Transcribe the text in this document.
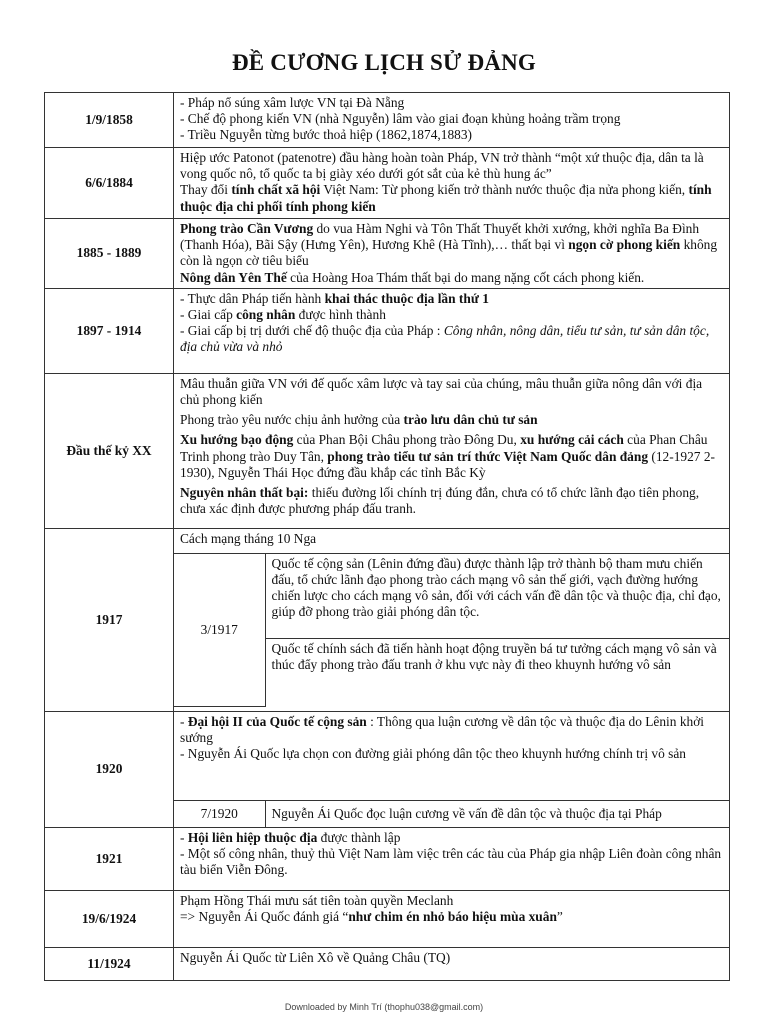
ĐỀ CƯƠNG LỊCH SỬ ĐẢNG
1/9/1858	
- Pháp nổ súng xâm lược VN tại Đà Nẵng
- Chế độ phong kiến VN (nhà Nguyễn) lâm vào giai đoạn khủng hoảng trầm trọng
- Triều Nguyễn từng bước thoả hiệp (1862,1874,1883)

6/6/1884	
Hiệp ước Patonot (patenotre) đầu hàng hoàn toàn Pháp, VN trở thành “một xứ thuộc địa, dân ta là vong quốc nô, tổ quốc ta bị giày xéo dưới gót sắt của kẻ thù hung ác”
Thay đổi tính chất xã hội Việt Nam: Từ phong kiến trở thành nước thuộc địa nửa phong kiến, tính thuộc địa chi phối tính phong kiến

1885 - 1889	
Phong trào Cần Vương do vua Hàm Nghi và Tôn Thất Thuyết khởi xướng, khởi nghĩa Ba Đình (Thanh Hóa), Bãi Sậy (Hưng Yên), Hương Khê (Hà Tĩnh),… thất bại vì ngọn cờ phong kiến không còn là ngọn cờ tiêu biểu
Nông dân Yên Thế của Hoàng Hoa Thám thất bại do mang nặng cốt cách phong kiến.

1897 - 1914	
- Thực dân Pháp tiến hành khai thác thuộc địa lần thứ 1
- Giai cấp công nhân được hình thành
- Giai cấp bị trị dưới chế độ thuộc địa của Pháp : Công nhân, nông dân, tiểu tư sản, tư sản dân tộc, địa chủ vừa và nhỏ

Đầu thế kỷ XX	
Mâu thuẫn giữa VN với đế quốc xâm lược và tay sai của chúng, mâu thuẫn giữa nông dân với địa chủ phong kiến
Phong trào yêu nước chịu ảnh hưởng của trào lưu dân chủ tư sản
Xu hướng bạo động của Phan Bội Châu phong trào Đông Du, xu hướng cải cách của Phan Châu Trinh phong trào Duy Tân, phong trào tiểu tư sản trí thức Việt Nam Quốc dân đảng (12-1927 2-1930), Nguyễn Thái Học đứng đầu khắp các tỉnh Bắc Kỳ
Nguyên nhân thất bại: thiếu đường lối chính trị đúng đắn, chưa có tổ chức lãnh đạo tiên phong, chưa xác định được phương pháp đấu tranh.

1917	Cách mạng tháng 10 Nga

3/1917	Quốc tế cộng sản (Lênin đứng đầu) được thành lập trở thành bộ tham mưu chiến đấu, tổ chức lãnh đạo phong trào cách mạng vô sản thế giới, vạch đường hướng chiến lược cho cách mạng vô sản, đối với cách vấn đề dân tộc và thuộc địa, chỉ đạo, giúp đỡ phong trào giải phóng dân tộc.
Quốc tế chính sách đã tiến hành hoạt động truyền bá tư tưởng cách mạng vô sản và thúc đẩy phong trào đấu tranh ở khu vực này đi theo khuynh hướng vô sản

1920	
- Đại hội II của Quốc tế cộng sản : Thông qua luận cương về dân tộc và thuộc địa do Lênin khởi sướng
- Nguyễn Ái Quốc lựa chọn con đường giải phóng dân tộc theo khuynh hướng chính trị vô sản

7/1920	Nguyễn Ái Quốc đọc luận cương về vấn đề dân tộc và thuộc địa tại Pháp

1921	
- Hội liên hiệp thuộc địa được thành lập
- Một số công nhân, thuỷ thủ Việt Nam làm việc trên các tàu của Pháp gia nhập Liên đoàn công nhân tàu biển Viễn Đông.

19/6/1924	
Phạm Hồng Thái mưu sát tiên toàn quyền Meclanh
=> Nguyễn Ái Quốc đánh giá “như chim én nhỏ báo hiệu mùa xuân”

11/1924	Nguyễn Ái Quốc từ Liên Xô về Quảng Châu (TQ)
Downloaded by Minh Trí (thophu038@gmail.com)
